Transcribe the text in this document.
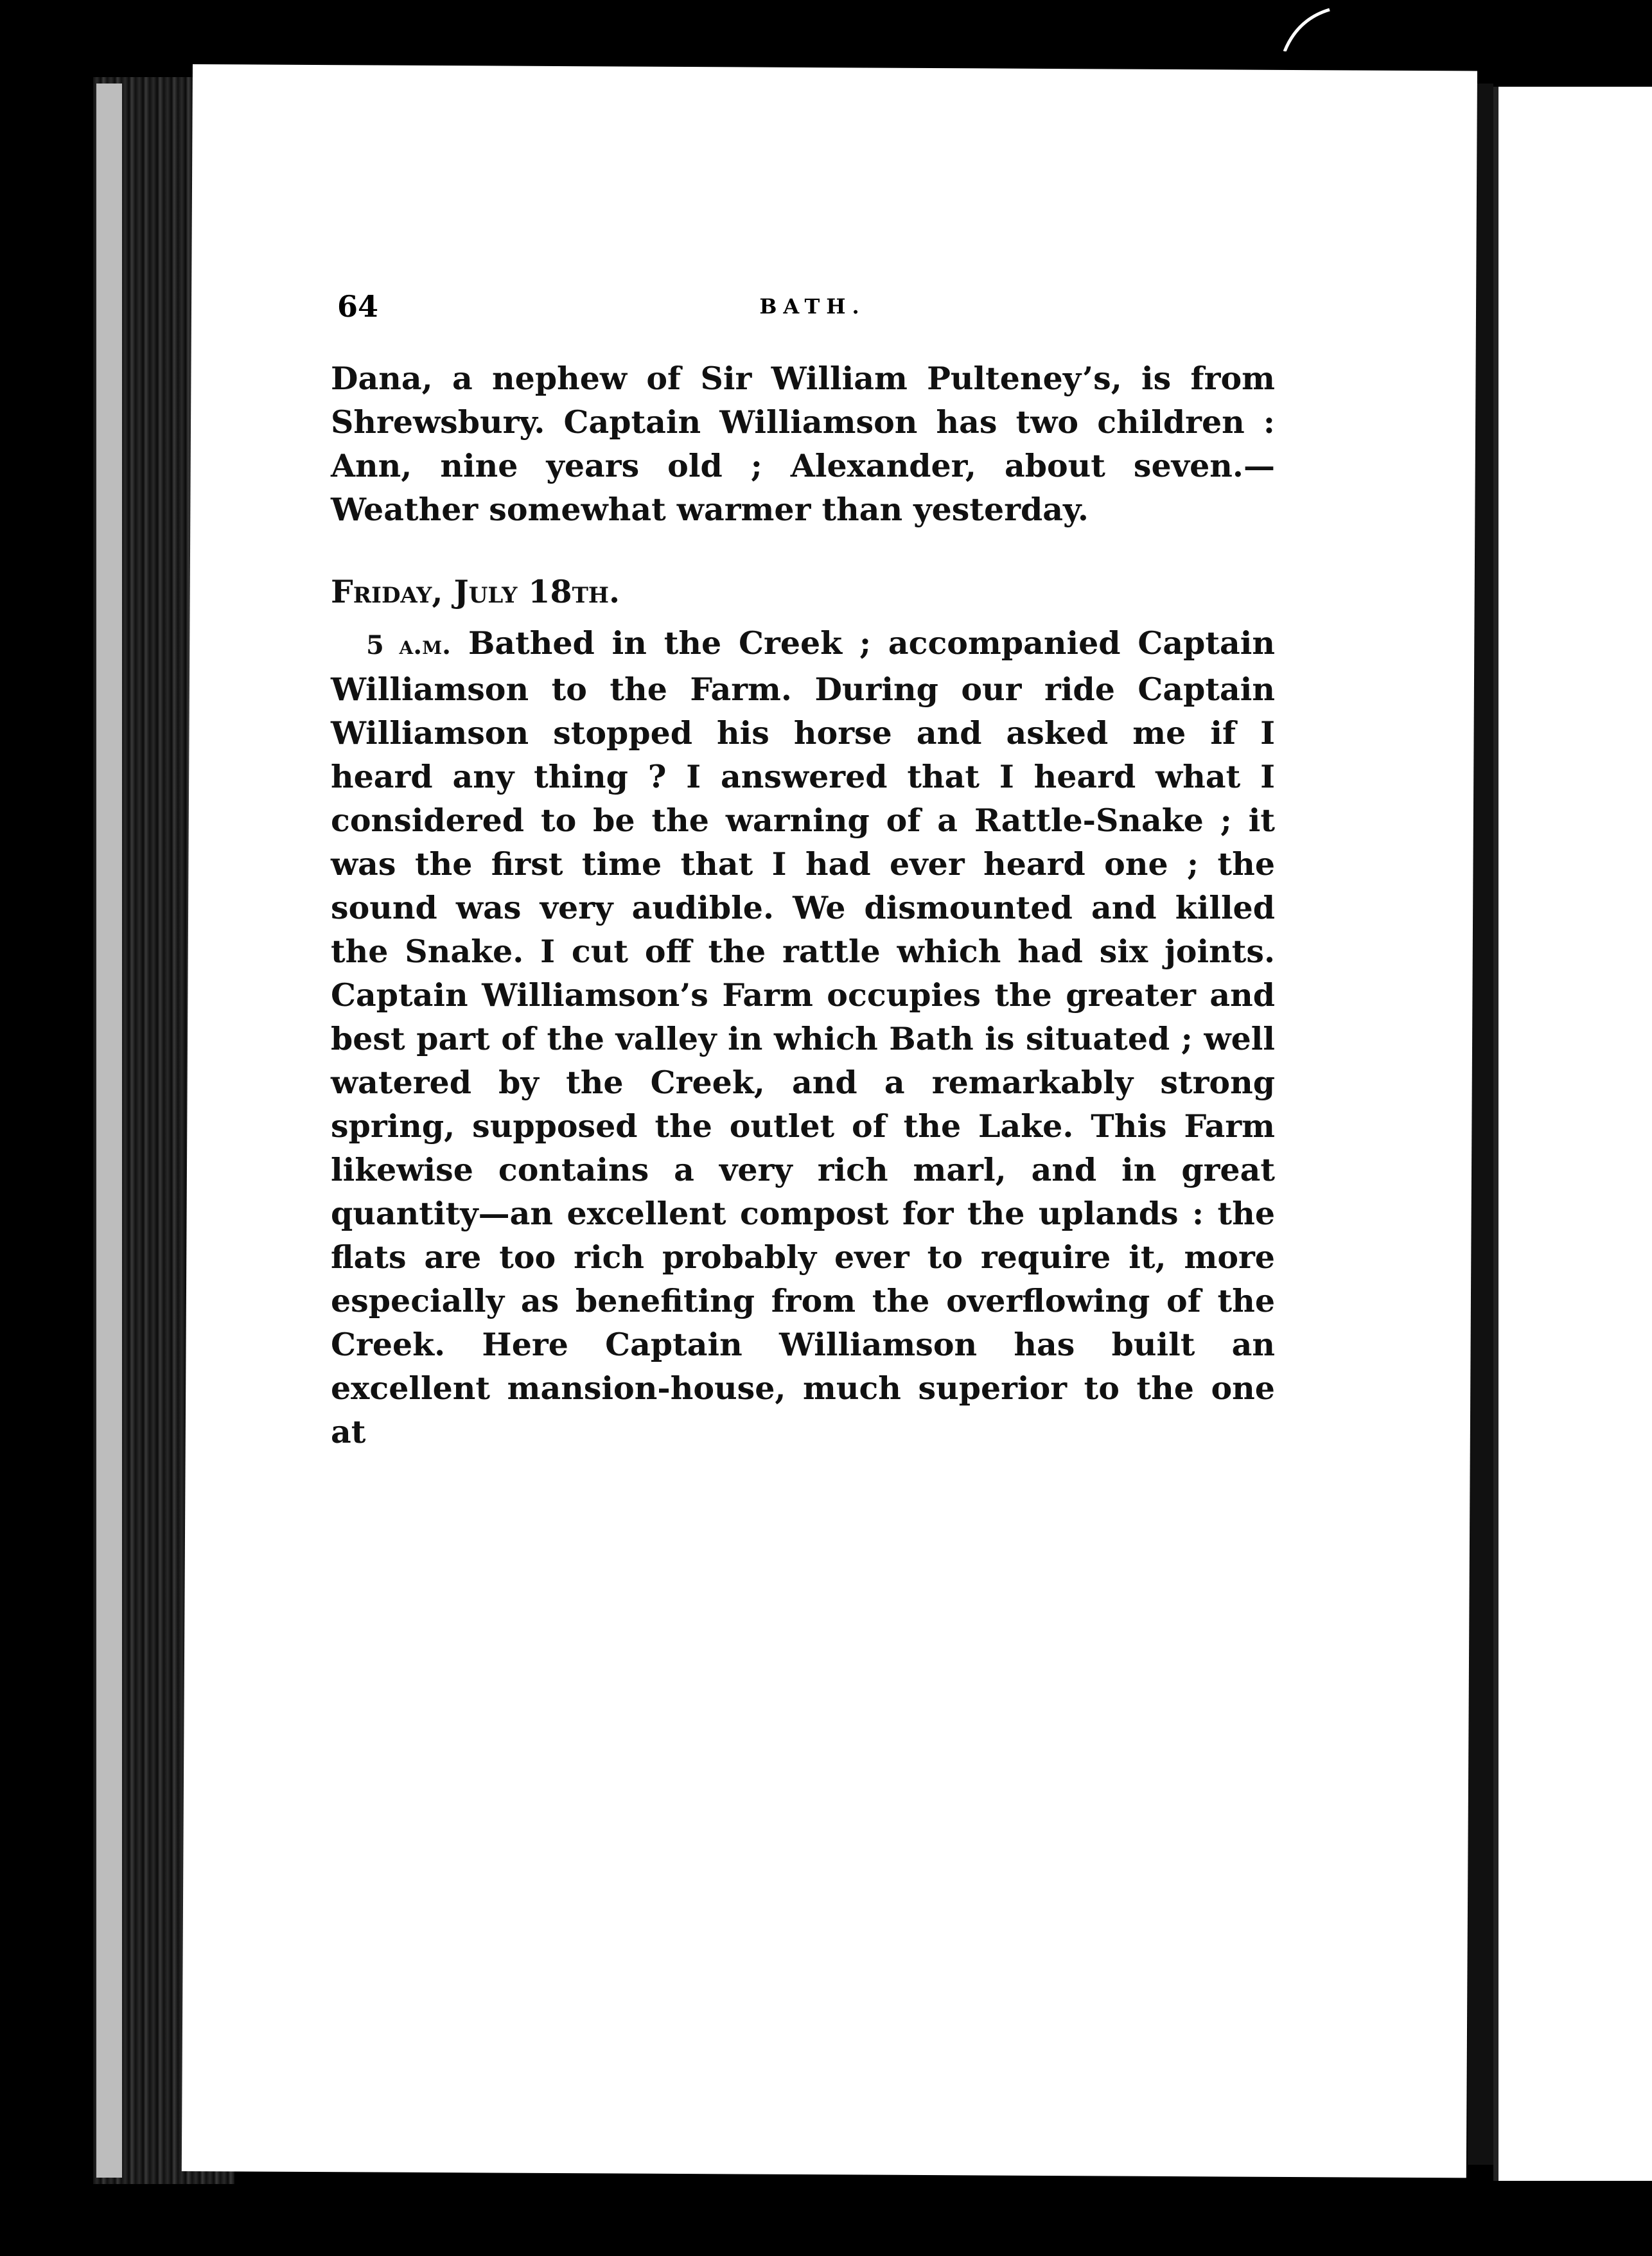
64	BATH.

Dana, a nephew of Sir William Pulteney’s, is from Shrewsbury. Captain Williamson has two children : Ann, nine years old ; Alexander, about seven.—Weather somewhat warmer than yesterday.

Friday, July 18th.

5 a.m. Bathed in the Creek ; accompanied Captain Williamson to the Farm. During our ride Captain Williamson stopped his horse and asked me if I heard any thing ? I answered that I heard what I considered to be the warning of a Rattle-Snake ; it was the first time that I had ever heard one ; the sound was very audible. We dismounted and killed the Snake. I cut off the rattle which had six joints. Captain Williamson’s Farm occupies the greater and best part of the valley in which Bath is situated ; well watered by the Creek, and a remarkably strong spring, supposed the outlet of the Lake. This Farm likewise contains a very rich marl, and in great quantity—an excellent compost for the uplands : the flats are too rich probably ever to require it, more especially as benefiting from the overflowing of the Creek. Here Captain Williamson has built an excellent mansion-house, much superior to the one at
